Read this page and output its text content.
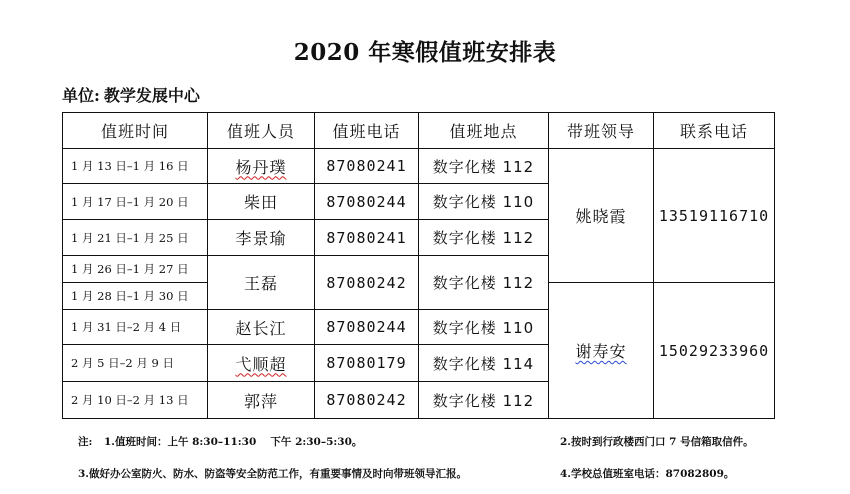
2020 年寒假值班安排表
单位: 教学发展中心
值班时间	值班人员	值班电话	值班地点	带班领导	联系电话
1 月 13 日–1 月 16 日	杨丹璞	87080241	数字化楼 112	姚晓霞	13519116710
1 月 17 日–1 月 20 日	柴田	87080244	数字化楼 110		
1 月 21 日–1 月 25 日	李景瑜	87080241	数字化楼 112		
1 月 26 日–1 月 27 日	王磊	87080242	数字化楼 112		
1 月 28 日–1 月 30 日				谢寿安	15029233960
1 月 31 日–2 月 4 日	赵长江	87080244	数字化楼 110		
2 月 5 日–2 月 9 日	弋顺超	87080179	数字化楼 114		
2 月 10 日–2 月 13 日	郭萍	87080242	数字化楼 112		
注: 1.值班时间：上午 8:30–11:30　 下午 2:30–5:30。	2.按时到行政楼西门口 7 号信箱取信件。
3.做好办公室防火、防水、防盗等安全防范工作，有重要事情及时向带班领导汇报。	4.学校总值班室电话：87082809。
